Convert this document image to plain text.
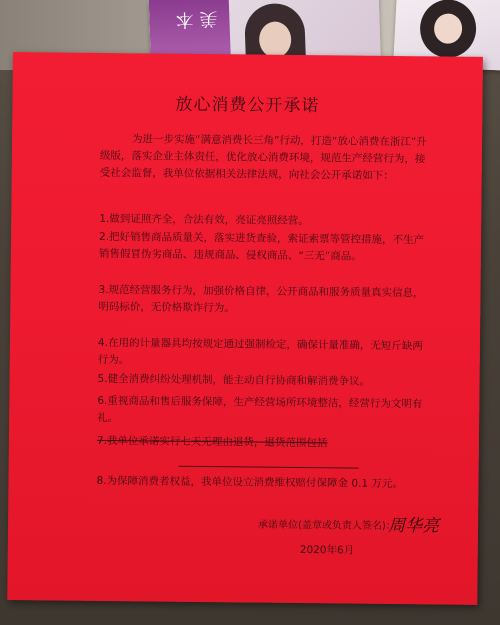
美 本
放心消费公开承诺
为进一步实施“满意消费长三角”行动，打造“放心消费在浙江”升级版，落实企业主体责任，优化放心消费环境，规范生产经营行为，接受社会监督，我单位依据相关法律法规，向社会公开承诺如下：
1.做到证照齐全，合法有效，亮证亮照经营。
2.把好销售商品质量关，落实进货查验，索证索票等管控措施，不生产销售假冒伪劣商品、违规商品、侵权商品、“三无”商品。
3.规范经营服务行为，加强价格自律，公开商品和服务质量真实信息，明码标价，无价格欺诈行为。
4.在用的计量器具均按规定通过强制检定，确保计量准确，无短斤缺两行为。
5.健全消费纠纷处理机制，能主动自行协商和解消费争议。
6.重视商品和售后服务保障，生产经营场所环境整洁，经营行为文明有礼。
7.我单位承诺实行七天无理由退货，退货范围包括
8.为保障消费者权益，我单位设立消费维权赔付保障金 0.1 万元。
承诺单位(盖章或负责人签名)：
周华亮
2020年6月
